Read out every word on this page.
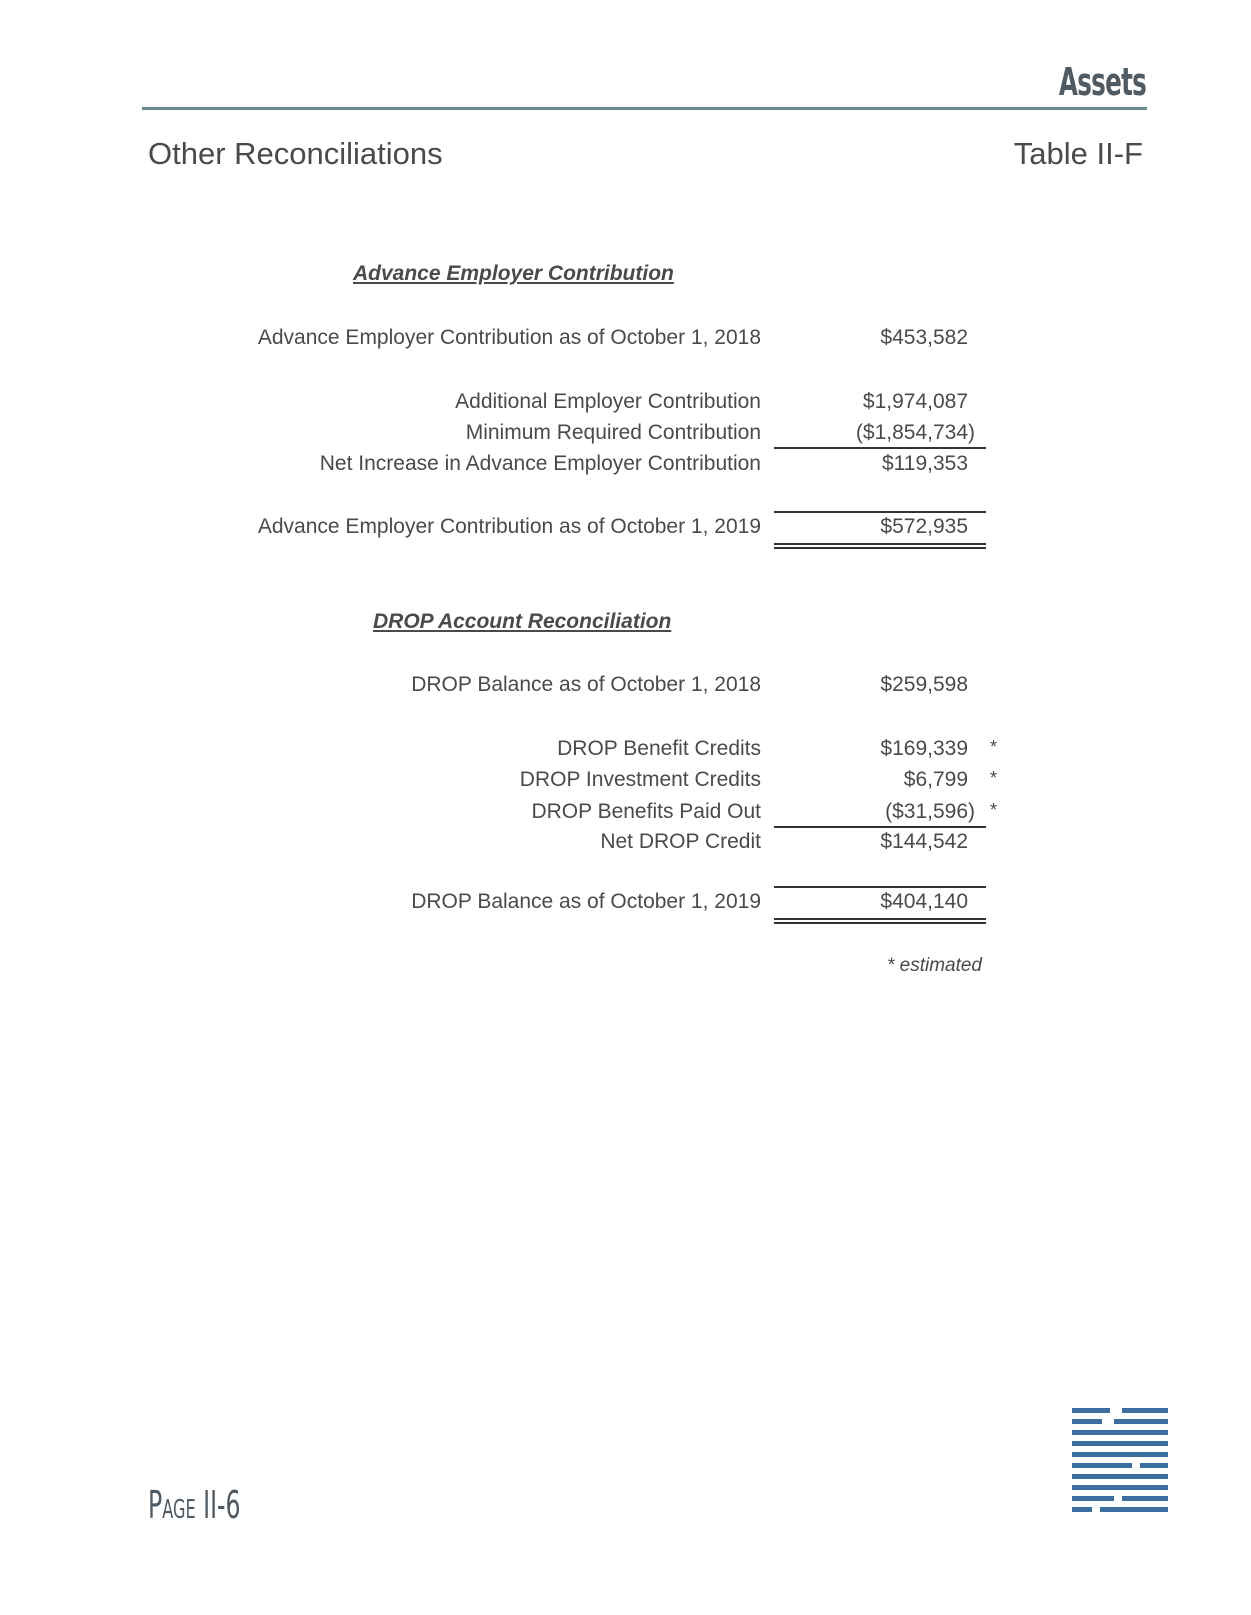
Assets
Other Reconciliations	Table II-F
Advance Employer Contribution
Advance Employer Contribution as of October 1, 2018	$453,582
Additional Employer Contribution	$1,974,087
Minimum Required Contribution	($1,854,734)
Net Increase in Advance Employer Contribution	$119,353
Advance Employer Contribution as of October 1, 2019	$572,935
DROP Account Reconciliation
DROP Balance as of October 1, 2018	$259,598
DROP Benefit Credits	$169,339 *
DROP Investment Credits	$6,799 *
DROP Benefits Paid Out	($31,596) *
Net DROP Credit	$144,542
DROP Balance as of October 1, 2019	$404,140
* estimated
PAGE II-6
